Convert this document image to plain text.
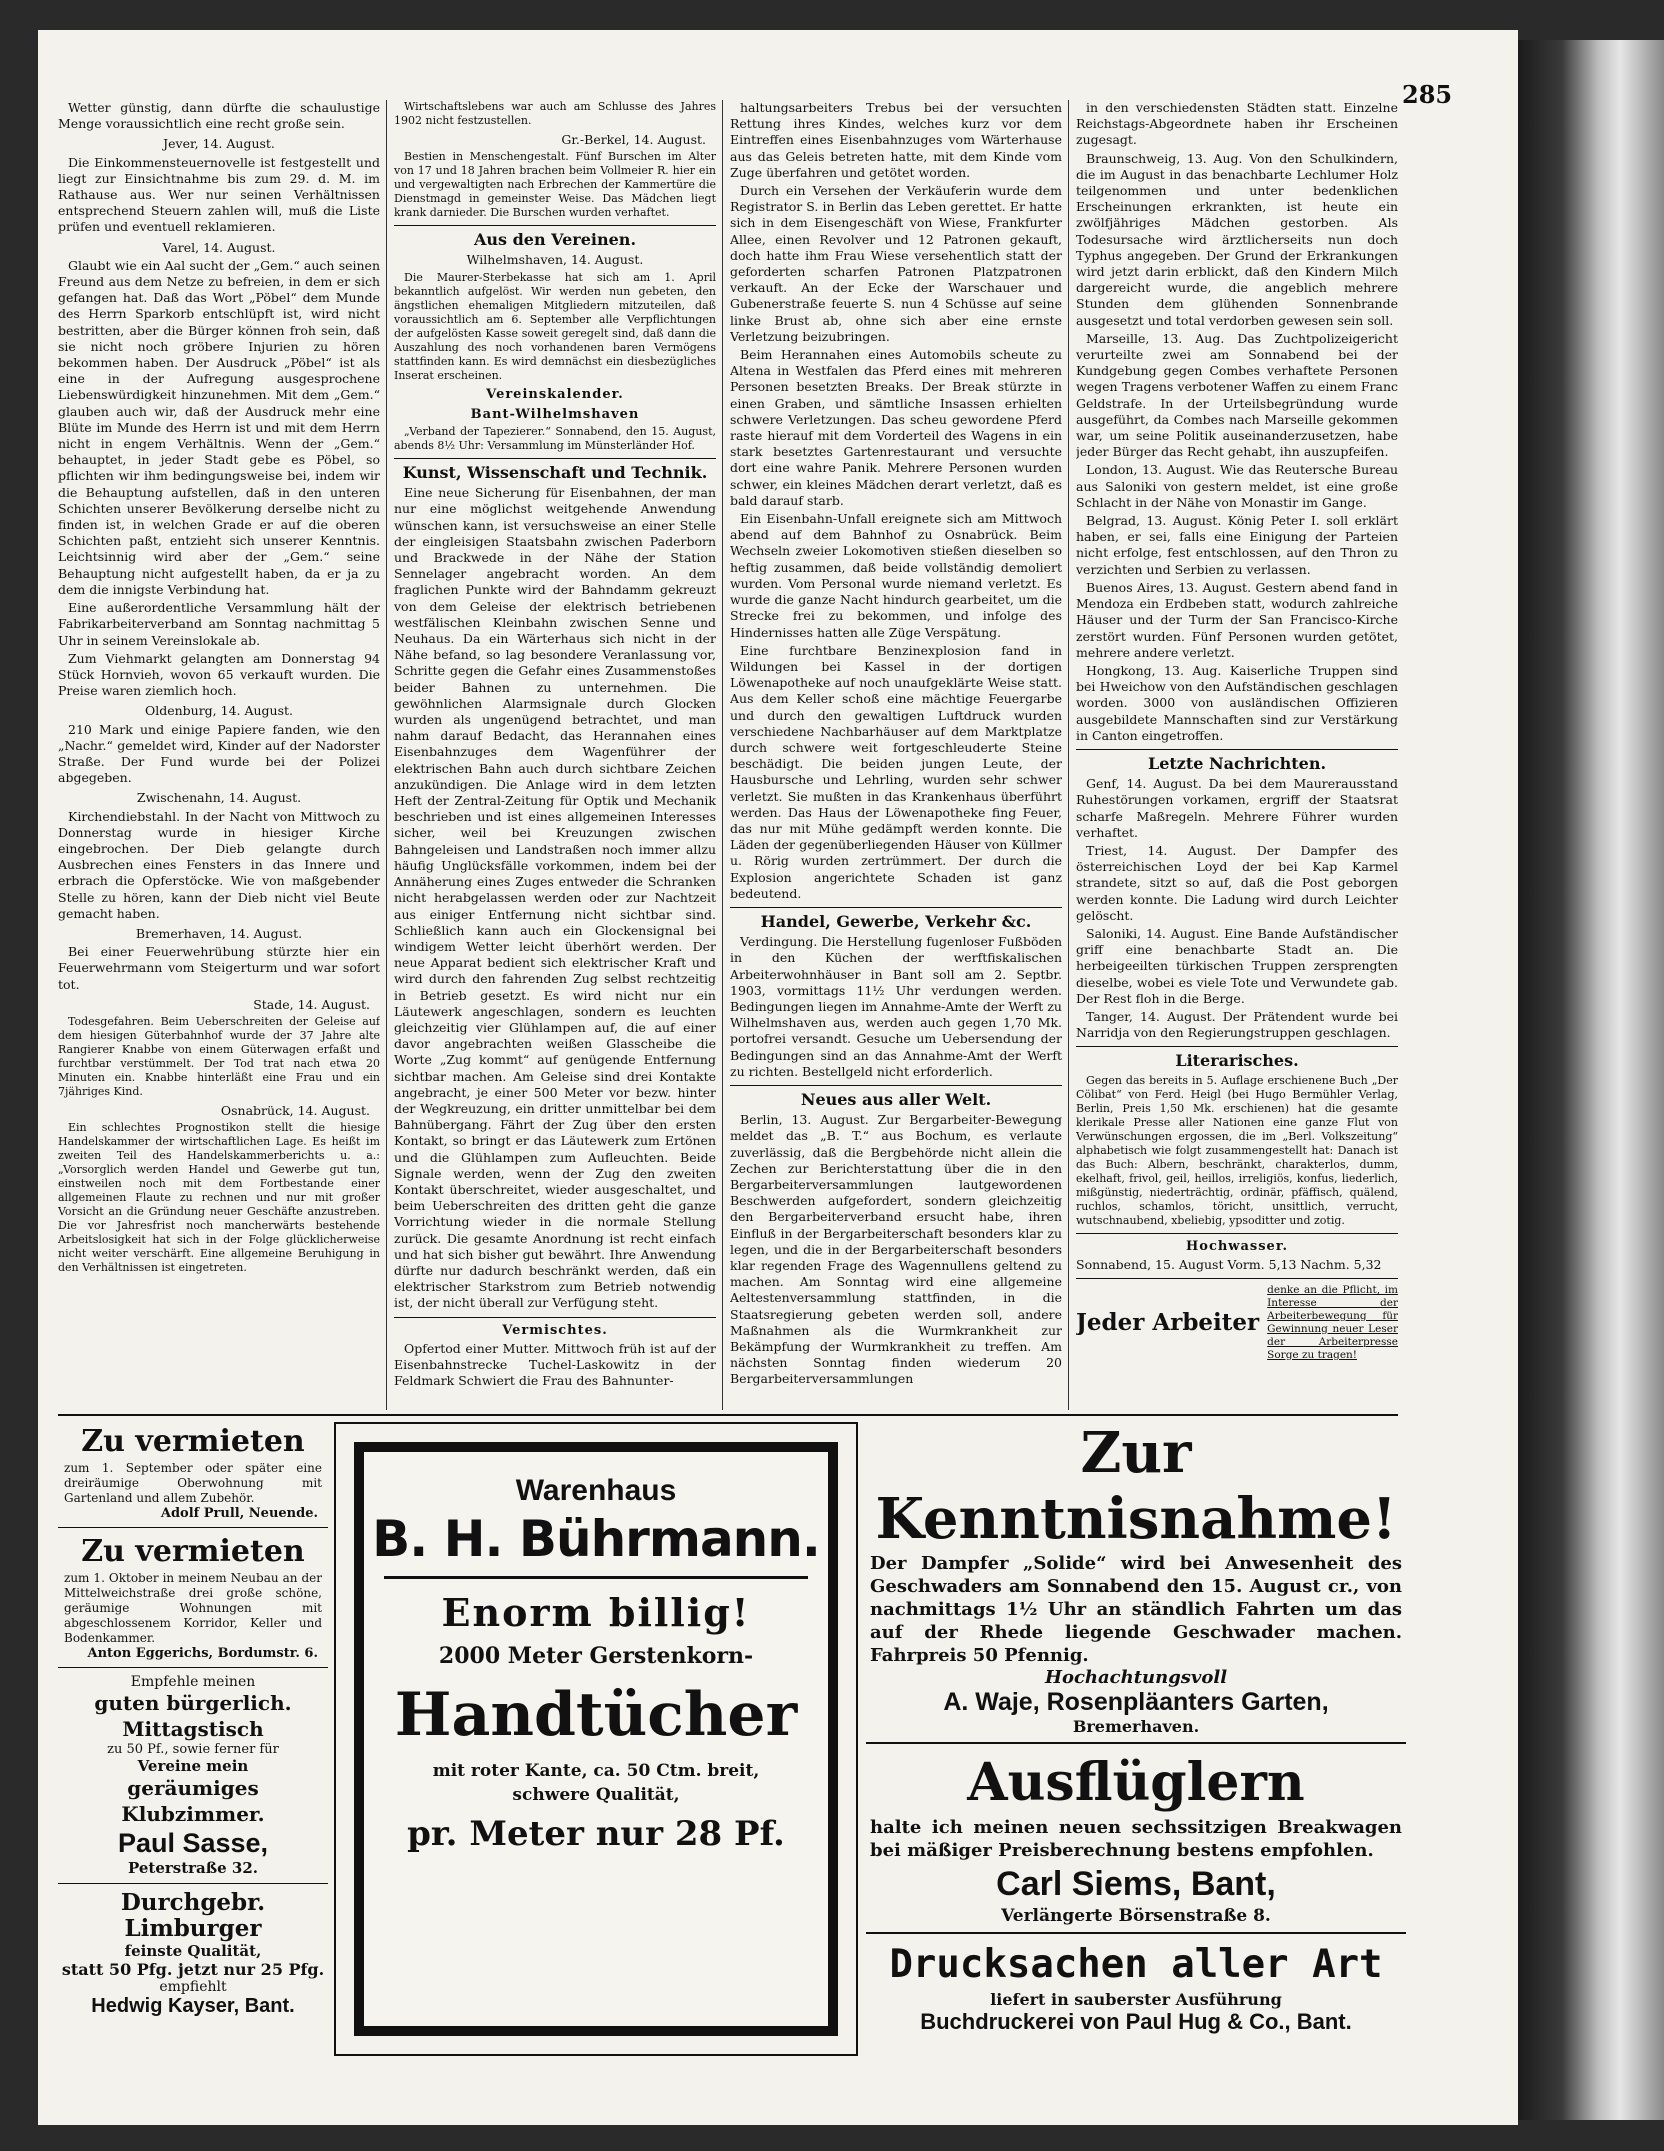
285

Wetter günstig, dann dürfte die schaulustige Menge voraussichtlich eine recht große sein.

Jever, 14. August.

Die Einkommensteuernovelle ist festgestellt und liegt zur Einsichtnahme bis zum 29. d. M. im Rathause aus. Wer nur seinen Verhältnissen entsprechend Steuern zahlen will, muß die Liste prüfen und eventuell reklamieren.

Varel, 14. August.

Glaubt wie ein Aal sucht der „Gem.“ auch seinen Freund aus dem Netze zu befreien, in dem er sich gefangen hat. Daß das Wort „Pöbel“ dem Munde des Herrn Sparkorb entschlüpft ist, wird nicht bestritten, aber die Bürger können froh sein, daß sie nicht noch gröbere Injurien zu hören bekommen haben. Der Ausdruck „Pöbel“ ist als eine in der Aufregung ausgesprochene Liebenswürdigkeit hinzunehmen. Mit dem „Gem.“ glauben auch wir, daß der Ausdruck mehr eine Blüte im Munde des Herrn ist und mit dem Herrn nicht in engem Verhältnis. Wenn der „Gem.“ behauptet, in jeder Stadt gebe es Pöbel, so pflichten wir ihm bedingungsweise bei, indem wir die Behauptung aufstellen, daß in den unteren Schichten unserer Bevölkerung derselbe nicht zu finden ist, in welchen Grade er auf die oberen Schichten paßt, entzieht sich unserer Kenntnis. Leichtsinnig wird aber der „Gem.“ seine Behauptung nicht aufgestellt haben, da er ja zu dem die innigste Verbindung hat.

Eine außerordentliche Versammlung hält der Fabrikarbeiterverband am Sonntag nachmittag 5 Uhr in seinem Vereinslokale ab.

Zum Viehmarkt gelangten am Donnerstag 94 Stück Hornvieh, wovon 65 verkauft wurden. Die Preise waren ziemlich hoch.

Oldenburg, 14. August.

210 Mark und einige Papiere fanden, wie den „Nachr.“ gemeldet wird, Kinder auf der Nadorster Straße. Der Fund wurde bei der Polizei abgegeben.

Zwischenahn, 14. August.

Kirchendiebstahl. In der Nacht von Mittwoch zu Donnerstag wurde in hiesiger Kirche eingebrochen. Der Dieb gelangte durch Ausbrechen eines Fensters in das Innere und erbrach die Opferstöcke. Wie von maßgebender Stelle zu hören, kann der Dieb nicht viel Beute gemacht haben.

Bremerhaven, 14. August.

Bei einer Feuerwehrübung stürzte hier ein Feuerwehrmann vom Steigerturm und war sofort tot.

Stade, 14. August.

Todesgefahren. Beim Ueberschreiten der Geleise auf dem hiesigen Güterbahnhof wurde der 37 Jahre alte Rangierer Knabbe von einem Güterwagen erfaßt und furchtbar verstümmelt. Der Tod trat nach etwa 20 Minuten ein. Knabbe hinterläßt eine Frau und ein 7jähriges Kind.

Osnabrück, 14. August.

Ein schlechtes Prognostikon stellt die hiesige Handelskammer der wirtschaftlichen Lage. Es heißt im zweiten Teil des Handelskammerberichts u. a.: „Vorsorglich werden Handel und Gewerbe gut tun, einstweilen noch mit dem Fortbestande einer allgemeinen Flaute zu rechnen und nur mit großer Vorsicht an die Gründung neuer Geschäfte anzustreben. Die vor Jahresfrist noch mancherwärts bestehende Arbeitslosigkeit hat sich in der Folge glücklicherweise nicht weiter verschärft. Eine allgemeine Beruhigung in den Verhältnissen ist eingetreten.

Wirtschaftslebens war auch am Schlusse des Jahres 1902 nicht festzustellen.

Gr.-Berkel, 14. August.

Bestien in Menschengestalt. Fünf Burschen im Alter von 17 und 18 Jahren brachen beim Vollmeier R. hier ein und vergewaltigten nach Erbrechen der Kammertüre die Dienstmagd in gemeinster Weise. Das Mädchen liegt krank darnieder. Die Burschen wurden verhaftet.

Aus den Vereinen.
Wilhelmshaven, 14. August.

Die Maurer-Sterbekasse hat sich am 1. April bekanntlich aufgelöst. Wir werden nun gebeten, den ängstlichen ehemaligen Mitgliedern mitzuteilen, daß voraussichtlich am 6. September alle Verpflichtungen der aufgelösten Kasse soweit geregelt sind, daß dann die Auszahlung des noch vorhandenen baren Vermögens stattfinden kann. Es wird demnächst ein diesbezügliches Inserat erscheinen.

Vereinskalender.
Bant-Wilhelmshaven

„Verband der Tapezierer.“ Sonnabend, den 15. August, abends 8½ Uhr: Versammlung im Münsterländer Hof.

Kunst, Wissenschaft und Technik.

Eine neue Sicherung für Eisenbahnen, der man nur eine möglichst weitgehende Anwendung wünschen kann, ist versuchsweise an einer Stelle der eingleisigen Staatsbahn zwischen Paderborn und Brackwede in der Nähe der Station Sennelager angebracht worden. An dem fraglichen Punkte wird der Bahndamm gekreuzt von dem Geleise der elektrisch betriebenen westfälischen Kleinbahn zwischen Senne und Neuhaus. Da ein Wärterhaus sich nicht in der Nähe befand, so lag besondere Veranlassung vor, Schritte gegen die Gefahr eines Zusammenstoßes beider Bahnen zu unternehmen. Die gewöhnlichen Alarmsignale durch Glocken wurden als ungenügend betrachtet, und man nahm darauf Bedacht, das Herannahen eines Eisenbahnzuges dem Wagenführer der elektrischen Bahn auch durch sichtbare Zeichen anzukündigen. Die Anlage wird in dem letzten Heft der Zentral-Zeitung für Optik und Mechanik beschrieben und ist eines allgemeinen Interesses sicher, weil bei Kreuzungen zwischen Bahngeleisen und Landstraßen noch immer allzu häufig Unglücksfälle vorkommen, indem bei der Annäherung eines Zuges entweder die Schranken nicht herabgelassen werden oder zur Nachtzeit aus einiger Entfernung nicht sichtbar sind. Schließlich kann auch ein Glockensignal bei windigem Wetter leicht überhört werden. Der neue Apparat bedient sich elektrischer Kraft und wird durch den fahrenden Zug selbst rechtzeitig in Betrieb gesetzt. Es wird nicht nur ein Läutewerk angeschlagen, sondern es leuchten gleichzeitig vier Glühlampen auf, die auf einer davor angebrachten weißen Glasscheibe die Worte „Zug kommt“ auf genügende Entfernung sichtbar machen. Am Geleise sind drei Kontakte angebracht, je einer 500 Meter vor bezw. hinter der Wegkreuzung, ein dritter unmittelbar bei dem Bahnübergang. Fährt der Zug über den ersten Kontakt, so bringt er das Läutewerk zum Ertönen und die Glühlampen zum Aufleuchten. Beide Signale werden, wenn der Zug den zweiten Kontakt überschreitet, wieder ausgeschaltet, und beim Ueberschreiten des dritten geht die ganze Vorrichtung wieder in die normale Stellung zurück. Die gesamte Anordnung ist recht einfach und hat sich bisher gut bewährt. Ihre Anwendung dürfte nur dadurch beschränkt werden, daß ein elektrischer Starkstrom zum Betrieb notwendig ist, der nicht überall zur Verfügung steht.

Vermischtes.

Opfertod einer Mutter. Mittwoch früh ist auf der Eisenbahnstrecke Tuchel-Laskowitz in der Feldmark Schwiert die Frau des Bahnunter-

haltungsarbeiters Trebus bei der versuchten Rettung ihres Kindes, welches kurz vor dem Eintreffen eines Eisenbahnzuges vom Wärterhause aus das Geleis betreten hatte, mit dem Kinde vom Zuge überfahren und getötet worden.

Durch ein Versehen der Verkäuferin wurde dem Registrator S. in Berlin das Leben gerettet. Er hatte sich in dem Eisengeschäft von Wiese, Frankfurter Allee, einen Revolver und 12 Patronen gekauft, doch hatte ihm Frau Wiese versehentlich statt der geforderten scharfen Patronen Platzpatronen verkauft. An der Ecke der Warschauer und Gubenerstraße feuerte S. nun 4 Schüsse auf seine linke Brust ab, ohne sich aber eine ernste Verletzung beizubringen.

Beim Herannahen eines Automobils scheute zu Altena in Westfalen das Pferd eines mit mehreren Personen besetzten Breaks. Der Break stürzte in einen Graben, und sämtliche Insassen erhielten schwere Verletzungen. Das scheu gewordene Pferd raste hierauf mit dem Vorderteil des Wagens in ein stark besetztes Gartenrestaurant und versuchte dort eine wahre Panik. Mehrere Personen wurden schwer, ein kleines Mädchen derart verletzt, daß es bald darauf starb.

Ein Eisenbahn-Unfall ereignete sich am Mittwoch abend auf dem Bahnhof zu Osnabrück. Beim Wechseln zweier Lokomotiven stießen dieselben so heftig zusammen, daß beide vollständig demoliert wurden. Vom Personal wurde niemand verletzt. Es wurde die ganze Nacht hindurch gearbeitet, um die Strecke frei zu bekommen, und infolge des Hindernisses hatten alle Züge Verspätung.

Eine furchtbare Benzinexplosion fand in Wildungen bei Kassel in der dortigen Löwenapotheke auf noch unaufgeklärte Weise statt. Aus dem Keller schoß eine mächtige Feuergarbe und durch den gewaltigen Luftdruck wurden verschiedene Nachbarhäuser auf dem Marktplatze durch schwere weit fortgeschleuderte Steine beschädigt. Die beiden jungen Leute, der Hausbursche und Lehrling, wurden sehr schwer verletzt. Sie mußten in das Krankenhaus überführt werden. Das Haus der Löwenapotheke fing Feuer, das nur mit Mühe gedämpft werden konnte. Die Läden der gegenüberliegenden Häuser von Küllmer u. Rörig wurden zertrümmert. Der durch die Explosion angerichtete Schaden ist ganz bedeutend.

Handel, Gewerbe, Verkehr &c.

Verdingung. Die Herstellung fugenloser Fußböden in den Küchen der werftfiskalischen Arbeiterwohnhäuser in Bant soll am 2. Septbr. 1903, vormittags 11½ Uhr verdungen werden. Bedingungen liegen im Annahme-Amte der Werft zu Wilhelmshaven aus, werden auch gegen 1,70 Mk. portofrei versandt. Gesuche um Uebersendung der Bedingungen sind an das Annahme-Amt der Werft zu richten. Bestellgeld nicht erforderlich.

Neues aus aller Welt.

Berlin, 13. August. Zur Bergarbeiter-Bewegung meldet das „B. T.“ aus Bochum, es verlaute zuverlässig, daß die Bergbehörde nicht allein die Zechen zur Berichterstattung über die in den Bergarbeiterversammlungen lautgewordenen Beschwerden aufgefordert, sondern gleichzeitig den Bergarbeiterverband ersucht habe, ihren Einfluß in der Bergarbeiterschaft besonders klar zu legen, und die in der Bergarbeiterschaft besonders klar regenden Frage des Wagennullens geltend zu machen. Am Sonntag wird eine allgemeine Aeltestenversammlung stattfinden, in die Staatsregierung gebeten werden soll, andere Maßnahmen als die Wurmkrankheit zur Bekämpfung der Wurmkrankheit zu treffen. Am nächsten Sonntag finden wiederum 20 Bergarbeiterversammlungen

in den verschiedensten Städten statt. Einzelne Reichstags-Abgeordnete haben ihr Erscheinen zugesagt.

Braunschweig, 13. Aug. Von den Schulkindern, die im August in das benachbarte Lechlumer Holz teilgenommen und unter bedenklichen Erscheinungen erkrankten, ist heute ein zwölfjähriges Mädchen gestorben. Als Todesursache wird ärztlicherseits nun doch Typhus angegeben. Der Grund der Erkrankungen wird jetzt darin erblickt, daß den Kindern Milch dargereicht wurde, die angeblich mehrere Stunden dem glühenden Sonnenbrande ausgesetzt und total verdorben gewesen sein soll.

Marseille, 13. Aug. Das Zuchtpolizeigericht verurteilte zwei am Sonnabend bei der Kundgebung gegen Combes verhaftete Personen wegen Tragens verbotener Waffen zu einem Franc Geldstrafe. In der Urteilsbegründung wurde ausgeführt, da Combes nach Marseille gekommen war, um seine Politik auseinanderzusetzen, habe jeder Bürger das Recht gehabt, ihn auszupfeifen.

London, 13. August. Wie das Reutersche Bureau aus Saloniki von gestern meldet, ist eine große Schlacht in der Nähe von Monastir im Gange.

Belgrad, 13. August. König Peter I. soll erklärt haben, er sei, falls eine Einigung der Parteien nicht erfolge, fest entschlossen, auf den Thron zu verzichten und Serbien zu verlassen.

Buenos Aires, 13. August. Gestern abend fand in Mendoza ein Erdbeben statt, wodurch zahlreiche Häuser und der Turm der San Francisco-Kirche zerstört wurden. Fünf Personen wurden getötet, mehrere andere verletzt.

Hongkong, 13. Aug. Kaiserliche Truppen sind bei Hweichow von den Aufständischen geschlagen worden. 3000 von ausländischen Offizieren ausgebildete Mannschaften sind zur Verstärkung in Canton eingetroffen.

Letzte Nachrichten.

Genf, 14. August. Da bei dem Maurerausstand Ruhestörungen vorkamen, ergriff der Staatsrat scharfe Maßregeln. Mehrere Führer wurden verhaftet.

Triest, 14. August. Der Dampfer des österreichischen Loyd der bei Kap Karmel strandete, sitzt so auf, daß die Post geborgen werden konnte. Die Ladung wird durch Leichter gelöscht.

Saloniki, 14. August. Eine Bande Aufständischer griff eine benachbarte Stadt an. Die herbeigeeilten türkischen Truppen zersprengten dieselbe, wobei es viele Tote und Verwundete gab. Der Rest floh in die Berge.

Tanger, 14. August. Der Prätendent wurde bei Narridja von den Regierungstruppen geschlagen.

Literarisches.

Gegen das bereits in 5. Auflage erschienene Buch „Der Cölibat“ von Ferd. Heigl (bei Hugo Bermühler Verlag, Berlin, Preis 1,50 Mk. erschienen) hat die gesamte klerikale Presse aller Nationen eine ganze Flut von Verwünschungen ergossen, die im „Berl. Volkszeitung“ alphabetisch wie folgt zusammengestellt hat: Danach ist das Buch: Albern, beschränkt, charakterlos, dumm, ekelhaft, frivol, geil, heillos, irreligiös, konfus, liederlich, mißgünstig, niederträchtig, ordinär, pfäffisch, quälend, ruchlos, schamlos, töricht, unsittlich, verrucht, wutschnaubend, xbeliebig, ypsoditter und zotig.

Hochwasser.

Sonnabend, 15. August Vorm. 5,13 Nachm. 5,32

Jeder Arbeiter
denke an die Pflicht, im Interesse der Arbeiterbewegung für Gewinnung neuer Leser der Arbeiterpresse Sorge zu tragen!
Zu vermieten
zum 1. September oder später eine dreiräumige Oberwohnung mit Gartenland und allem Zubehör.
Adolf Prull, Neuende.
Zu vermieten
zum 1. Oktober in meinem Neubau an der Mittelweichstraße drei große schöne, geräumige Wohnungen mit abgeschlossenem Korridor, Keller und Bodenkammer.
Anton Eggerichs, Bordumstr. 6.
Empfehle meinen
guten bürgerlich. Mittagstisch
zu 50 Pf., sowie ferner für
Vereine mein
geräumiges Klubzimmer.
Paul Sasse,
Peterstraße 32.
Durchgebr. Limburger
feinste Qualität,
statt 50 Pfg. jetzt nur 25 Pfg.
empfiehlt
Hedwig Kayser, Bant.
Warenhaus
B. H. Bührmann.
Enorm billig!
2000 Meter Gerstenkorn-
Handtücher
mit roter Kante, ca. 50 Ctm. breit,
schwere Qualität,
pr. Meter nur 28 Pf.
Zur Kenntnisnahme!
Der Dampfer „Solide“ wird bei Anwesenheit des Geschwaders am Sonnabend den 15. August cr., von nachmittags 1½ Uhr an ständlich Fahrten um das auf der Rhede liegende Geschwader machen. Fahrpreis 50 Pfennig.
Hochachtungsvoll
A. Waje, Rosenpläanters Garten,
Bremerhaven.
Ausflüglern
halte ich meinen neuen sechssitzigen Breakwagen bei mäßiger Preisberechnung bestens empfohlen.
Carl Siems, Bant,
Verlängerte Börsenstraße 8.
Drucksachen aller Art
liefert in sauberster Ausführung
Buchdruckerei von Paul Hug & Co., Bant.
